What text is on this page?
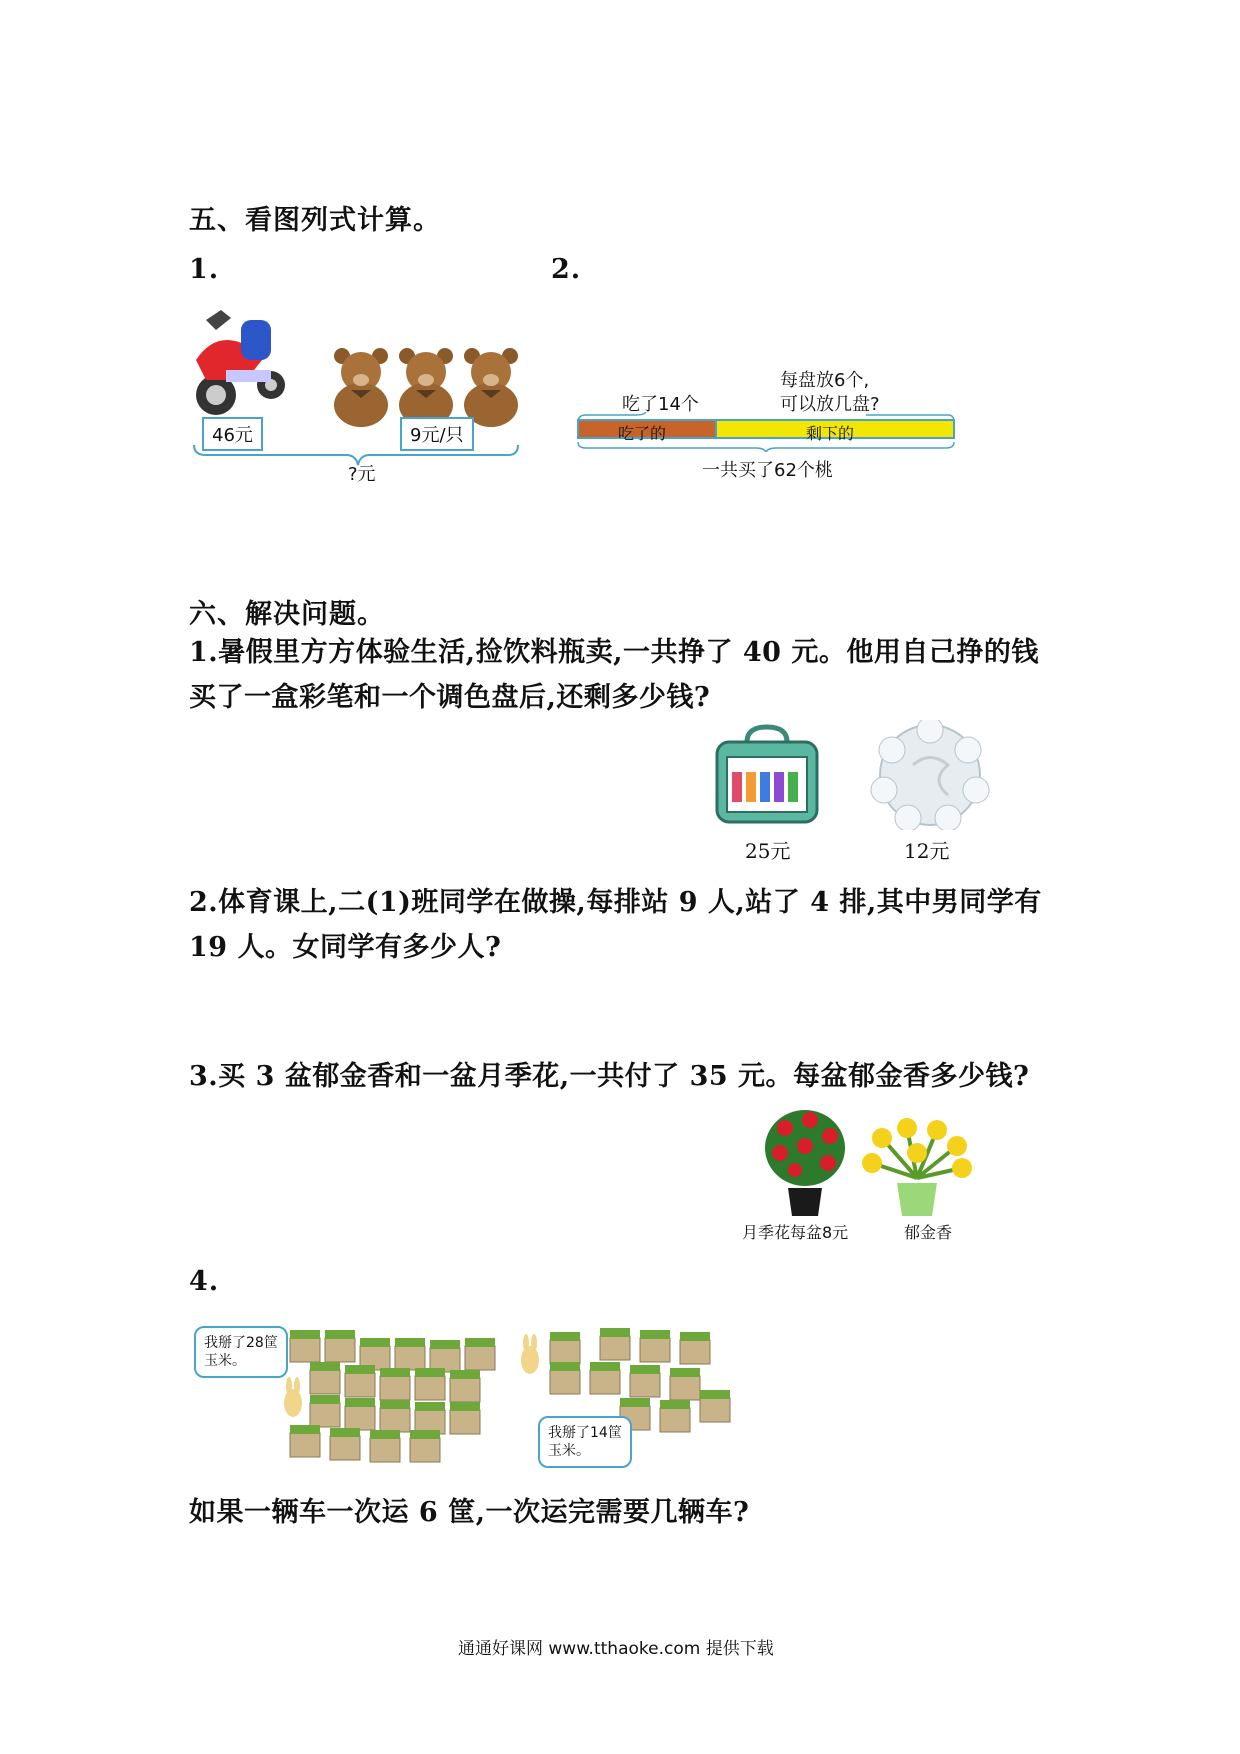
五、看图列式计算。
1.	2.
46元	9元/只
?元
每盘放6个,
可以放几盘?
吃了14个
吃了的	剩下的
一共买了62个桃
六、解决问题。
1.暑假里方方体验生活,捡饮料瓶卖,一共挣了 40 元。他用自己挣的钱
买了一盒彩笔和一个调色盘后,还剩多少钱?
25元	12元
2.体育课上,二(1)班同学在做操,每排站 9 人,站了 4 排,其中男同学有
19 人。女同学有多少人?
3.买 3 盆郁金香和一盆月季花,一共付了 35 元。每盆郁金香多少钱?
月季花每盆8元	郁金香
4.
我掰了28筐
玉米。
我掰了14筐
玉米。
如果一辆车一次运 6 筐,一次运完需要几辆车?
通通好课网 www.tthaoke.com 提供下载
